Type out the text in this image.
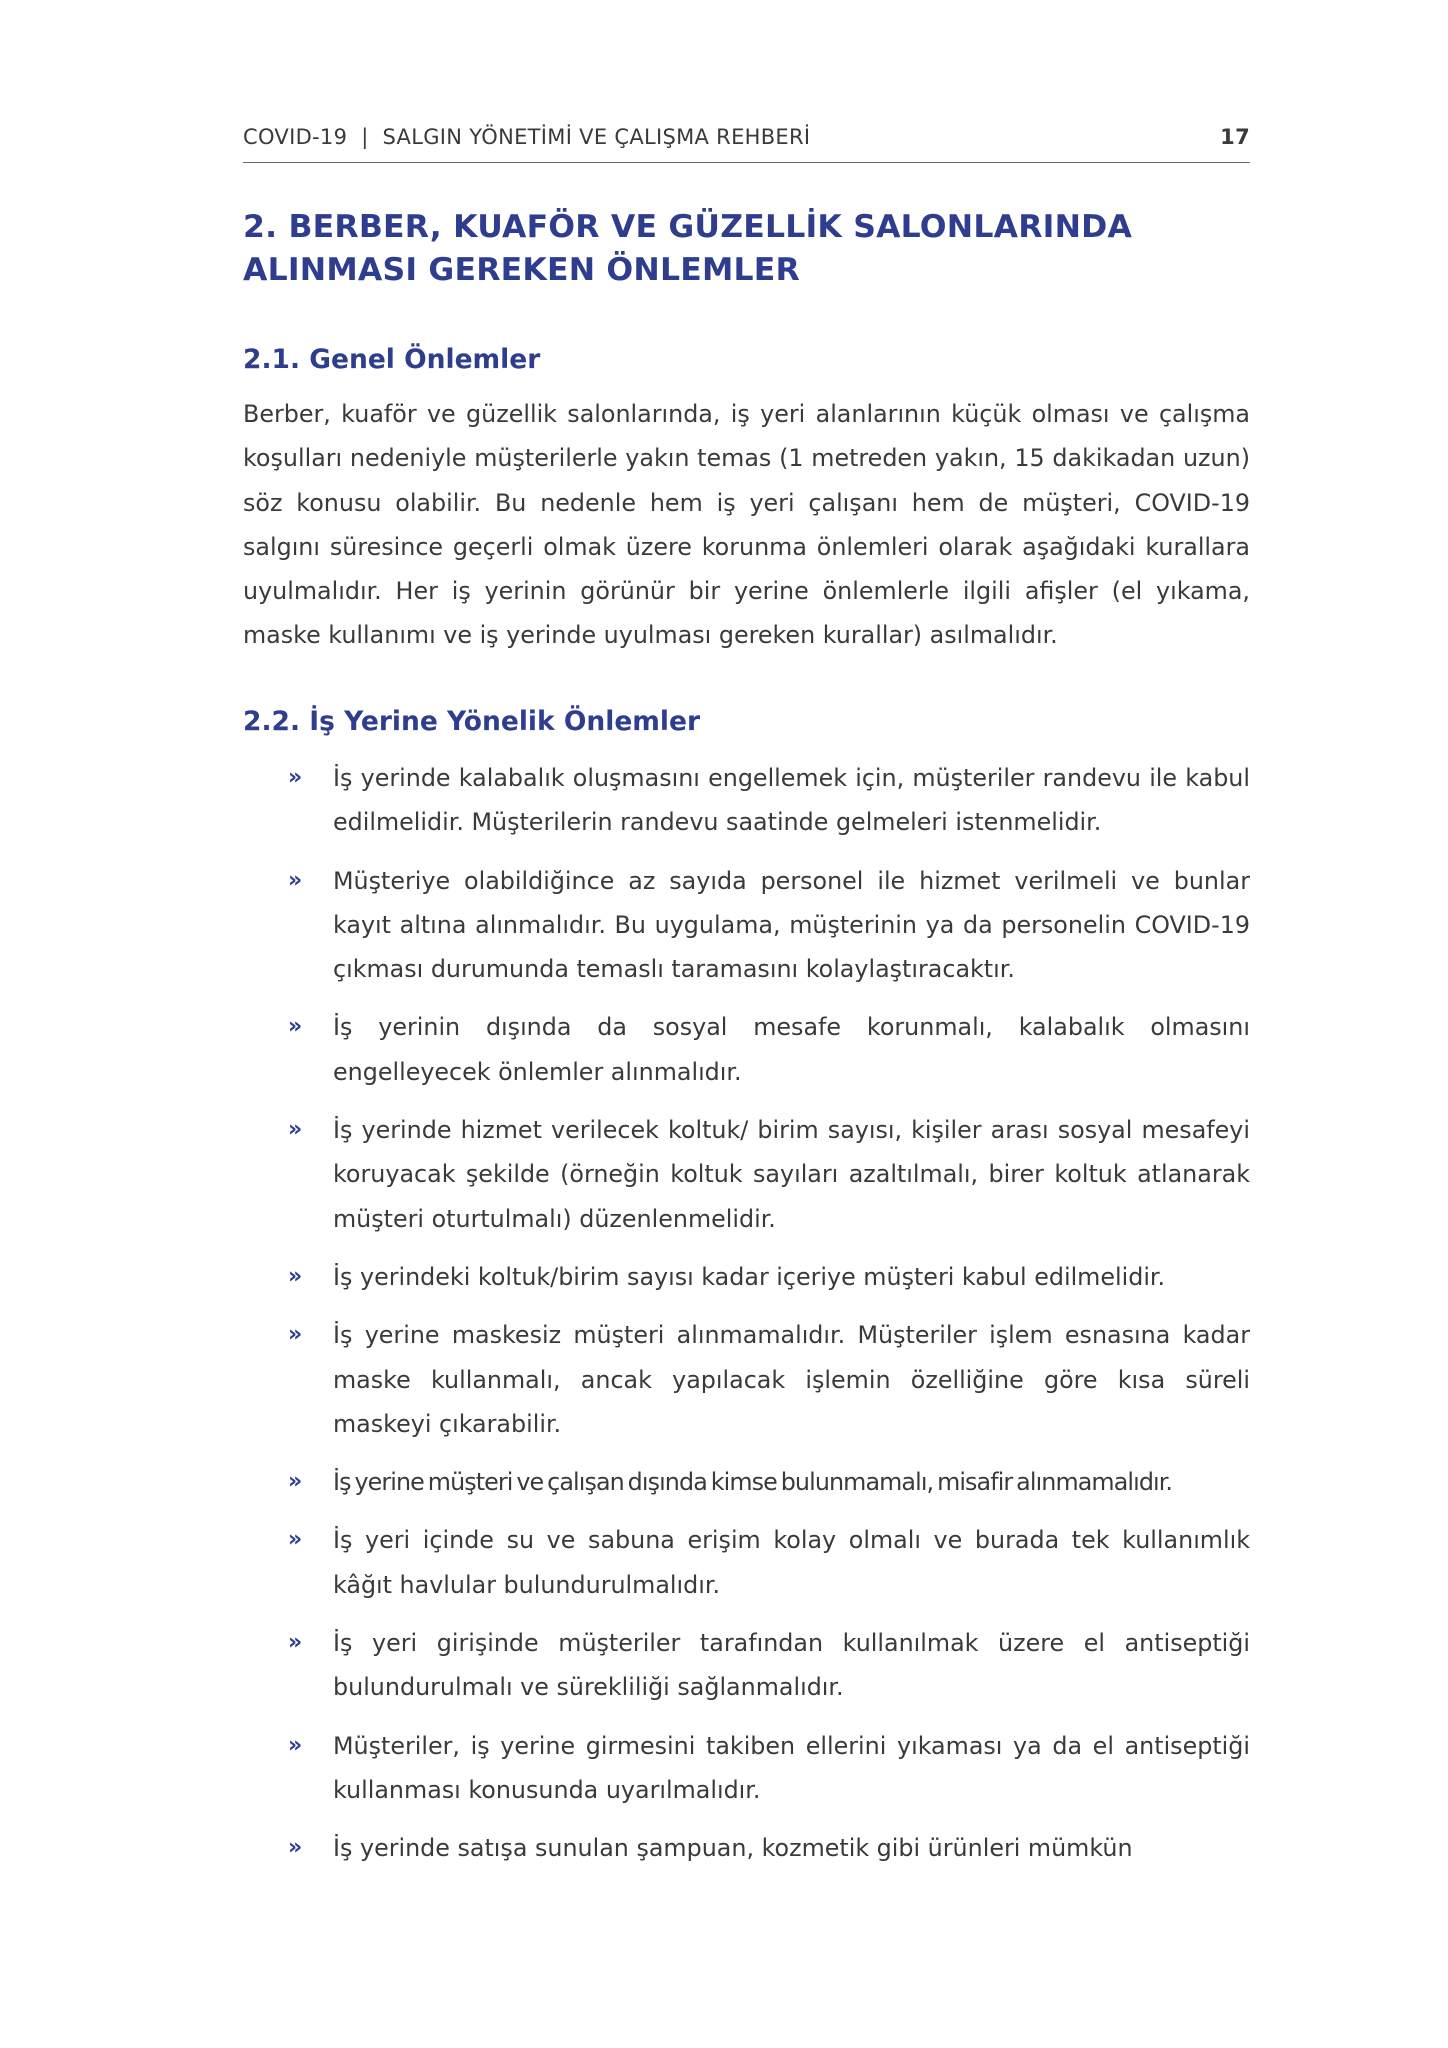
COVID-19  |  SALGIN YÖNETİMİ VE ÇALIŞMA REHBERİ	17
2. BERBER, KUAFÖR VE GÜZELLİK SALONLARINDA ALINMASI GEREKEN ÖNLEMLER
2.1. Genel Önlemler

Berber, kuaför ve güzellik salonlarında, iş yeri alanlarının küçük olması ve çalışma koşulları nedeniyle müşterilerle yakın temas (1 metreden yakın, 15 dakikadan uzun) söz konusu olabilir. Bu nedenle hem iş yeri çalışanı hem de müşteri, COVID-19 salgını süresince geçerli olmak üzere korunma önlemleri olarak aşağıdaki kurallara uyulmalıdır. Her iş yerinin görünür bir yerine önlemlerle ilgili afişler (el yıkama, maske kullanımı ve iş yerinde uyulması gereken kurallar) asılmalıdır.

2.2. İş Yerine Yönelik Önlemler
» İş yerinde kalabalık oluşmasını engellemek için, müşteriler randevu ile kabul edilmelidir. Müşterilerin randevu saatinde gelmeleri istenmelidir.
» Müşteriye olabildiğince az sayıda personel ile hizmet verilmeli ve bunlar kayıt altına alınmalıdır. Bu uygulama, müşterinin ya da personelin COVID-19 çıkması durumunda temaslı taramasını kolaylaştıracaktır.
» İş yerinin dışında da sosyal mesafe korunmalı, kalabalık olmasını engelleyecek önlemler alınmalıdır.
» İş yerinde hizmet verilecek koltuk/ birim sayısı, kişiler arası sosyal mesafeyi koruyacak şekilde (örneğin koltuk sayıları azaltılmalı, birer koltuk atlanarak müşteri oturtulmalı) düzenlenmelidir.
» İş yerindeki koltuk/birim sayısı kadar içeriye müşteri kabul edilmelidir.
» İş yerine maskesiz müşteri alınmamalıdır. Müşteriler işlem esnasına kadar maske kullanmalı, ancak yapılacak işlemin özelliğine göre kısa süreli maskeyi çıkarabilir.
» İş yerine müşteri ve çalışan dışında kimse bulunmamalı, misafir alınmamalıdır.
» İş yeri içinde su ve sabuna erişim kolay olmalı ve burada tek kullanımlık kâğıt havlular bulundurulmalıdır.
» İş yeri girişinde müşteriler tarafından kullanılmak üzere el antiseptiği bulundurulmalı ve sürekliliği sağlanmalıdır.
» Müşteriler, iş yerine girmesini takiben ellerini yıkaması ya da el antiseptiği kullanması konusunda uyarılmalıdır.
» İş yerinde satışa sunulan şampuan, kozmetik gibi ürünleri mümkün
